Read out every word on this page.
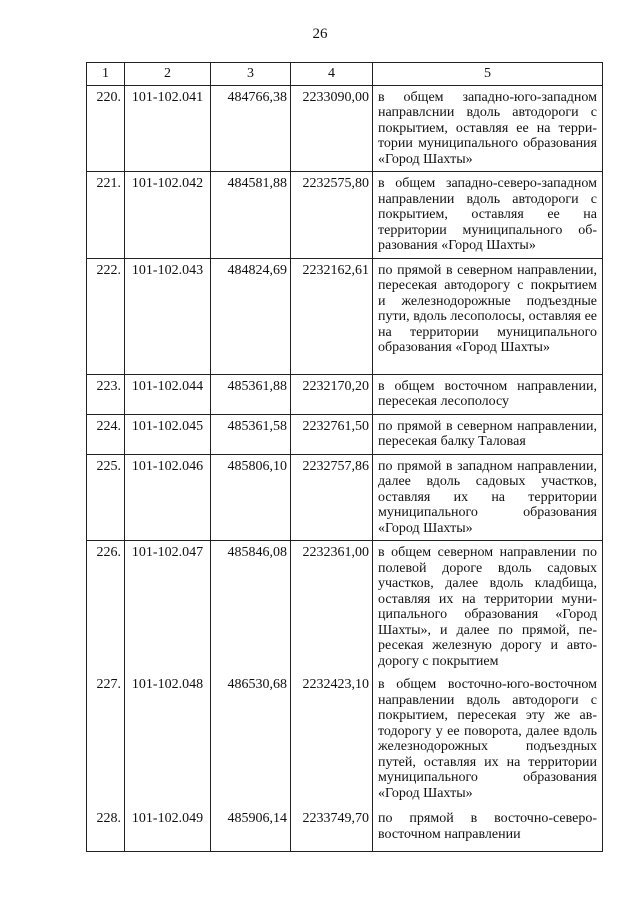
26
1	2	3	4	5
220.	101-102.041	484766,38	2233090,00	в общем западно-юго-западном направлснии вдоль автодороги с покрытием, оставляя ее на территории муниципального образования «Город Шахты»
221.	101-102.042	484581,88	2232575,80	в общем западно-северо-западном направлении вдоль автодороги с покрытием, оставляя ее на территории муниципального образования «Город Шахты»
222.	101-102.043	484824,69	2232162,61	по прямой в северном направлении, пересекая автодорогу с покрытием и железнодорожные подъездные пути, вдоль лесополосы, оставляя ее на территории муниципального образования «Город Шахты»
223.	101-102.044	485361,88	2232170,20	в общем восточном направлении, пересекая лесополосу
224.	101-102.045	485361,58	2232761,50	по прямой в северном направлении, пересекая балку Таловая
225.	101-102.046	485806,10	2232757,86	по прямой в западном направлении, далее вдоль садовых участков, оставляя их на территории муниципального образования «Город Шахты»
226.	101-102.047	485846,08	2232361,00	в общем северном направлении по полевой дороге вдоль садовых участков, далее вдоль кладбища, оставляя их на территории муниципального образования «Город Шахты», и далее по прямой, пересекая железную дорогу и автодорогу с покрытием
227.	101-102.048	486530,68	2232423,10	в общем восточно-юго-восточном направлении вдоль автодороги с покрытием, пересекая эту же автодорогу у ее поворота, далее вдоль железнодорожных подъездных путей, оставляя их на территории муниципального образования «Город Шахты»
228.	101-102.049	485906,14	2233749,70	по прямой в восточно-северовосточном направлении
